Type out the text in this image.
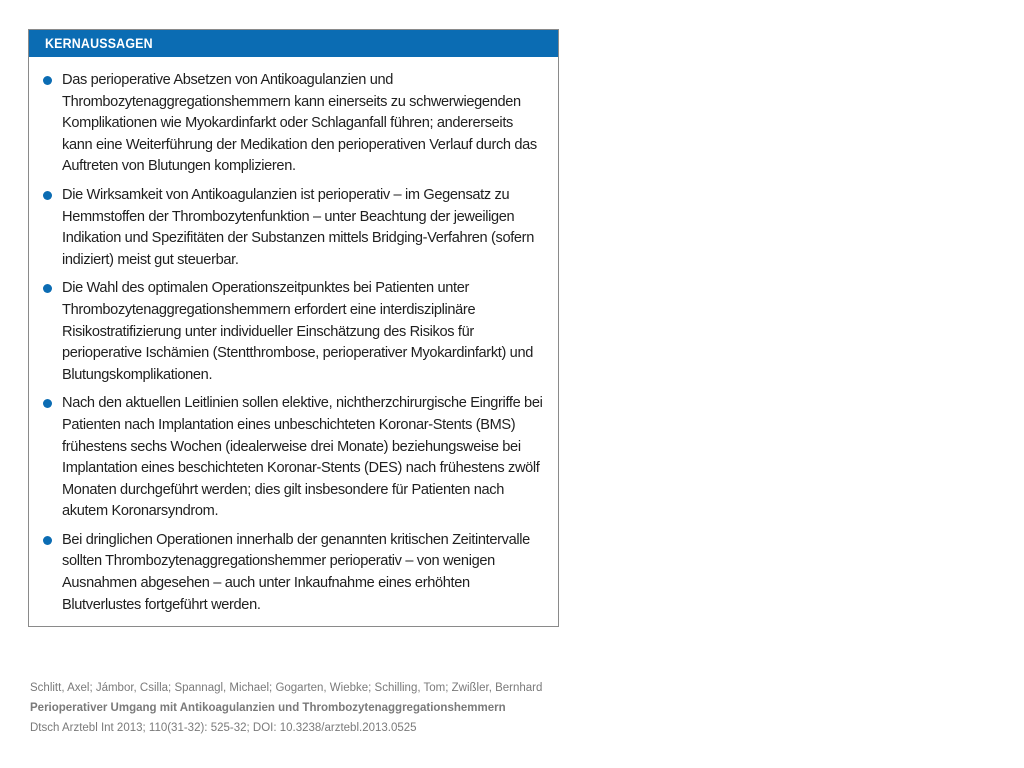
KERNAUSSAGEN
Das perioperative Absetzen von Antikoagulanzien und Thrombozytenaggregationshemmern kann einerseits zu schwerwiegenden Komplikationen wie Myokardinfarkt oder Schlaganfall führen; andererseits kann eine Weiterführung der Medikation den perioperativen Verlauf durch das Auftreten von Blutungen komplizieren.
Die Wirksamkeit von Antikoagulanzien ist perioperativ – im Gegensatz zu Hemmstoffen der Thrombozytenfunktion – unter Beachtung der jeweiligen Indikation und Spezifitäten der Substanzen mittels Bridging-Verfahren (sofern indiziert) meist gut steuerbar.
Die Wahl des optimalen Operationszeitpunktes bei Patienten unter Thrombozytenaggregationshemmern erfordert eine interdisziplinäre Risikostratifizierung unter individueller Einschätzung des Risikos für perioperative Ischämien (Stentthrombose, perioperativer Myokardinfarkt) und Blutungskomplikationen.
Nach den aktuellen Leitlinien sollen elektive, nichtherzchirurgische Eingriffe bei Patienten nach Implantation eines unbeschichteten Koronar-Stents (BMS) frühestens sechs Wochen (idealerweise drei Monate) beziehungsweise bei Implantation eines beschichteten Koronar-Stents (DES) nach frühestens zwölf Monaten durchgeführt werden; dies gilt insbesondere für Patienten nach akutem Koronarsyndrom.
Bei dringlichen Operationen innerhalb der genannten kritischen Zeitintervalle sollten Thrombozytenaggregationshemmer perioperativ – von wenigen Ausnahmen abgesehen – auch unter Inkaufnahme eines erhöhten Blutverlustes fortgeführt werden.
Schlitt, Axel; Jámbor, Csilla; Spannagl, Michael; Gogarten, Wiebke; Schilling, Tom; Zwißler, Bernhard
Perioperativer Umgang mit Antikoagulanzien und Thrombozytenaggregationshemmern
Dtsch Arztebl Int 2013; 110(31-32): 525-32; DOI: 10.3238/arztebl.2013.0525
